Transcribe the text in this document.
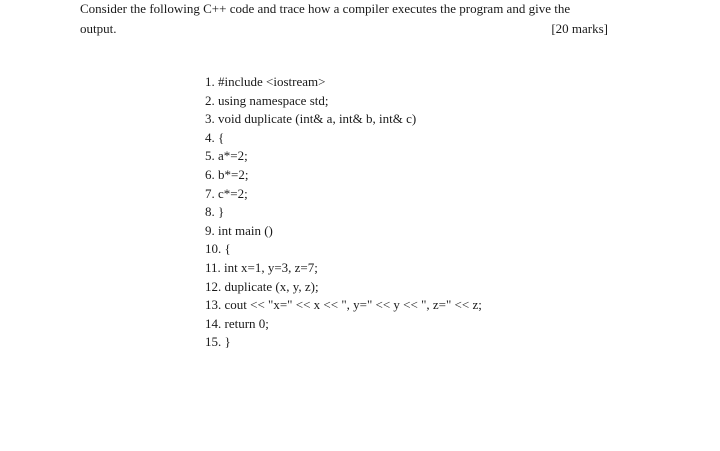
Consider the following C++ code and trace how a compiler executes the program and give the
output.	[20 marks]
1. #include <iostream>
2. using namespace std;
3. void duplicate (int& a, int& b, int& c)
4. {
5. a*=2;
6. b*=2;
7. c*=2;
8. }
9. int main ()
10. {
11. int x=1, y=3, z=7;
12. duplicate (x, y, z);
13. cout << "x=" << x << ", y=" << y << ", z=" << z;
14. return 0;
15. }
